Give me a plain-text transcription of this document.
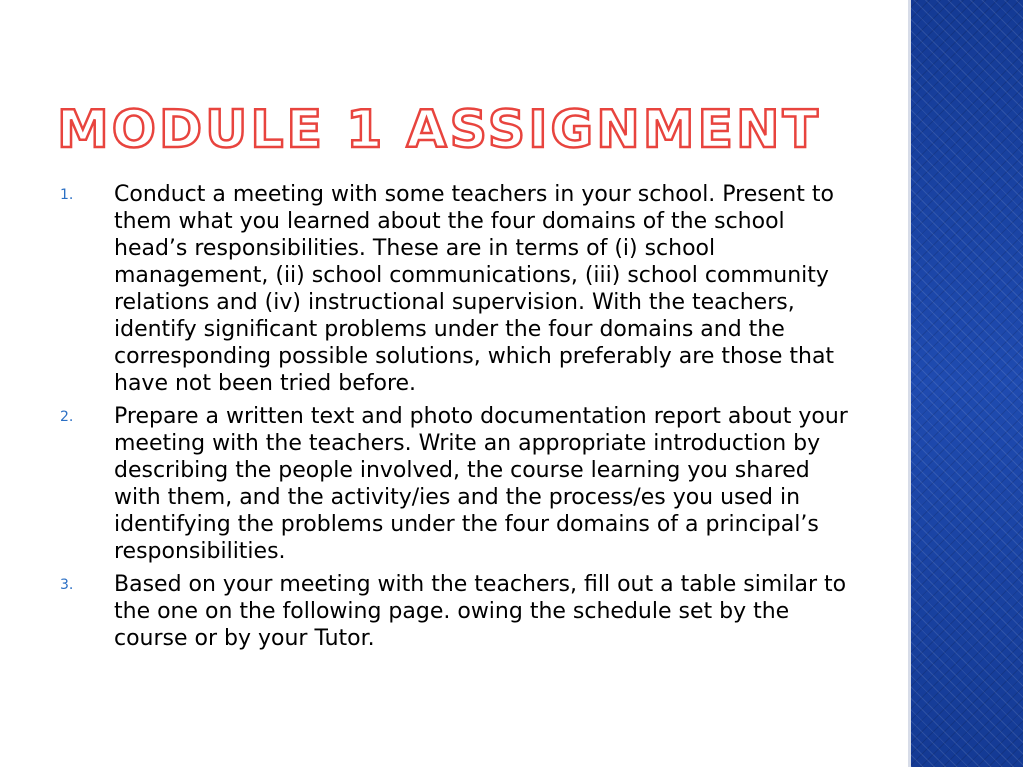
MODULE 1 ASSIGNMENT
1. Conduct a meeting with some teachers in your school. Present to them what you learned about the four domains of the school head’s responsibilities. These are in terms of (i) school management, (ii) school communications, (iii) school community relations and (iv) instructional supervision. With the teachers, identify significant problems under the four domains and the corresponding possible solutions, which preferably are those that have not been tried before.
2. Prepare a written text and photo documentation report about your meeting with the teachers. Write an appropriate introduction by describing the people involved, the course learning you shared with them, and the activity/ies and the process/es you used in identifying the problems under the four domains of a principal’s responsibilities.
3. Based on your meeting with the teachers, fill out a table similar to the one on the following page. owing the schedule set by the course or by your Tutor.
